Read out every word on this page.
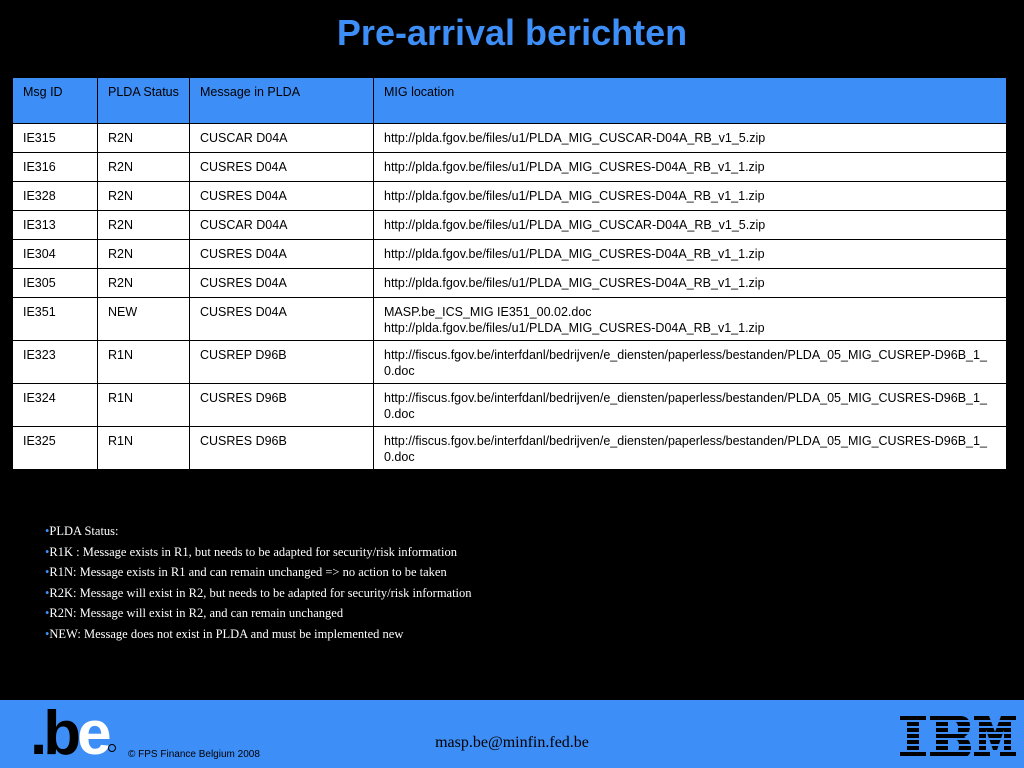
Pre-arrival berichten
Msg ID	PLDA Status	Message in PLDA	MIG location
IE315	R2N	CUSCAR D04A	http://plda.fgov.be/files/u1/PLDA_MIG_CUSCAR-D04A_RB_v1_5.zip
IE316	R2N	CUSRES D04A	http://plda.fgov.be/files/u1/PLDA_MIG_CUSRES-D04A_RB_v1_1.zip
IE328	R2N	CUSRES D04A	http://plda.fgov.be/files/u1/PLDA_MIG_CUSRES-D04A_RB_v1_1.zip
IE313	R2N	CUSCAR D04A	http://plda.fgov.be/files/u1/PLDA_MIG_CUSCAR-D04A_RB_v1_5.zip
IE304	R2N	CUSRES D04A	http://plda.fgov.be/files/u1/PLDA_MIG_CUSRES-D04A_RB_v1_1.zip
IE305	R2N	CUSRES D04A	http://plda.fgov.be/files/u1/PLDA_MIG_CUSRES-D04A_RB_v1_1.zip
IE351	NEW	CUSRES D04A	MASP.be_ICS_MIG IE351_00.02.doc
http://plda.fgov.be/files/u1/PLDA_MIG_CUSRES-D04A_RB_v1_1.zip
IE323	R1N	CUSREP D96B	http://fiscus.fgov.be/interfdanl/bedrijven/e_diensten/paperless/bestanden/PLDA_05_MIG_CUSREP-D96B_1_0.doc
IE324	R1N	CUSRES D96B	http://fiscus.fgov.be/interfdanl/bedrijven/e_diensten/paperless/bestanden/PLDA_05_MIG_CUSRES-D96B_1_0.doc
IE325	R1N	CUSRES D96B	http://fiscus.fgov.be/interfdanl/bedrijven/e_diensten/paperless/bestanden/PLDA_05_MIG_CUSRES-D96B_1_0.doc
•PLDA Status:
•R1K : Message exists in R1, but needs to be adapted for security/risk information
•R1N: Message exists in R1 and can remain unchanged => no action to be taken
•R2K: Message will exist in R2, but needs to be adapted for security/risk information
•R2N: Message will exist in R2, and can remain unchanged
•NEW: Message does not exist in PLDA and must be implemented new
.be	© FPS Finance Belgium 2008
masp.be@minfin.fed.be
